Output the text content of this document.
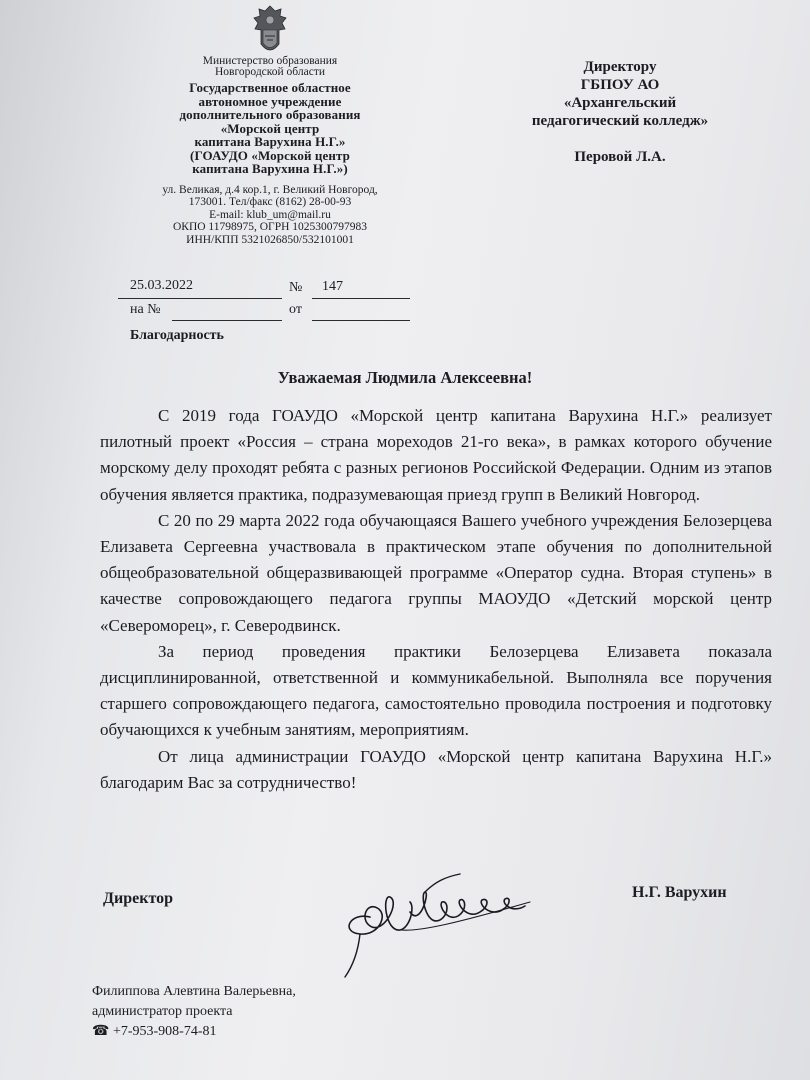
Министерство образования
Новгородской области
Государственное областное
автономное учреждение
дополнительного образования
«Морской центр
капитана Варухина Н.Г.»
(ГОАУДО «Морской центр
капитана Варухина Н.Г.»)
ул. Великая, д.4 кор.1, г. Великий Новгород,
173001. Тел/факс (8162) 28-00-93
E-mail: klub_um@mail.ru
ОКПО 11798975, ОГРН 1025300797983
ИНН/КПП 5321026850/532101001
Директору
ГБПОУ АО
«Архангельский
педагогический колледж»
Перовой Л.А.
25.03.2022	№ 147
на №	от
Благодарность
Уважаемая Людмила Алексеевна!

С 2019 года ГОАУДО «Морской центр капитана Варухина Н.Г.» реализует пилотный проект «Россия – страна мореходов 21-го века», в рамках которого обучение морскому делу проходят ребята с разных регионов Российской Федерации. Одним из этапов обучения является практика, подразумевающая приезд групп в Великий Новгород.

С 20 по 29 марта 2022 года обучающаяся Вашего учебного учреждения Белозерцева Елизавета Сергеевна участвовала в практическом этапе обучения по дополнительной общеобразовательной общеразвивающей программе «Оператор судна. Вторая ступень» в качестве сопровождающего педагога группы МАОУДО «Детский морской центр «Североморец», г. Северодвинск.

За период проведения практики Белозерцева Елизавета показала дисциплинированной, ответственной и коммуникабельной. Выполняла все поручения старшего сопровождающего педагога, самостоятельно проводила построения и подготовку обучающихся к учебным занятиям, мероприятиям.

От лица администрации ГОАУДО «Морской центр капитана Варухина Н.Г.» благодарим Вас за сотрудничество!

Директор	Н.Г. Варухин
Филиппова Алевтина Валерьевна,
администратор проекта
☎ +7-953-908-74-81
